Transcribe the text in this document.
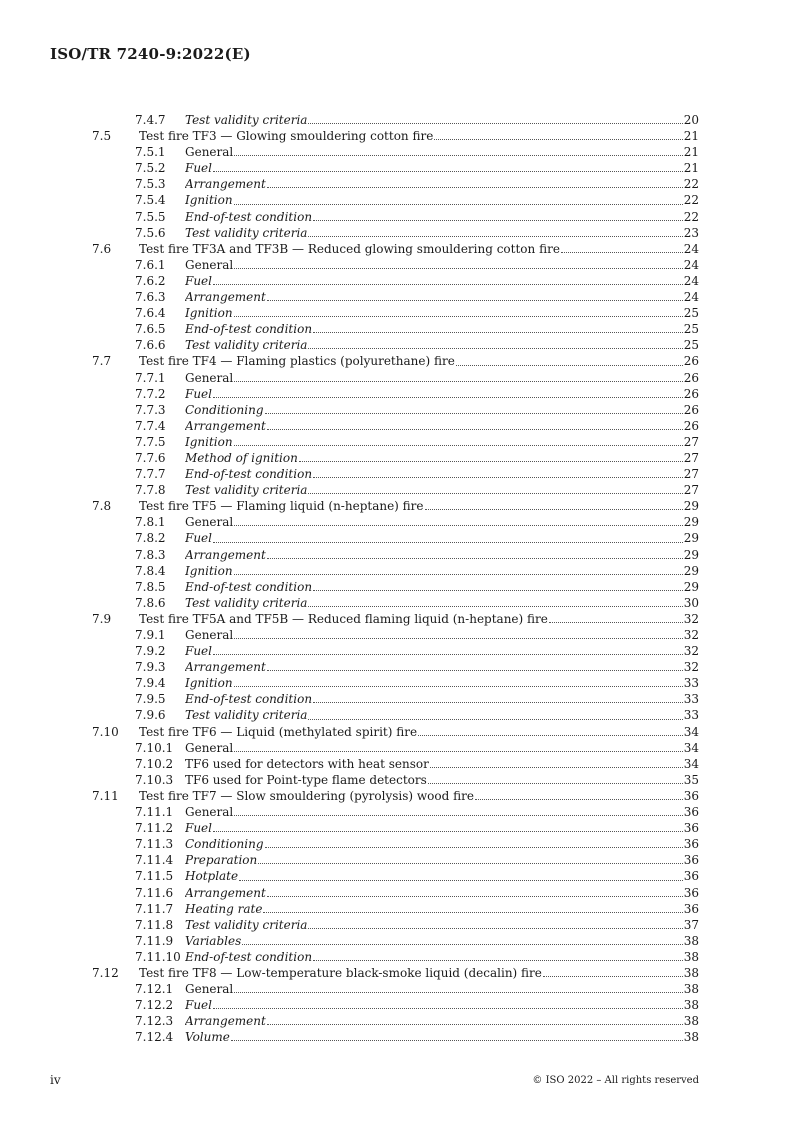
ISO/TR 7240-9:2022(E)
7.4.7	Test validity criteria	20
7.5	Test fire TF3 — Glowing smouldering cotton fire	21
7.5.1	General	21
7.5.2	Fuel	21
7.5.3	Arrangement	22
7.5.4	Ignition	22
7.5.5	End-of-test condition	22
7.5.6	Test validity criteria	23
7.6	Test fire TF3A and TF3B — Reduced glowing smouldering cotton fire	24
7.6.1	General	24
7.6.2	Fuel	24
7.6.3	Arrangement	24
7.6.4	Ignition	25
7.6.5	End-of-test condition	25
7.6.6	Test validity criteria	25
7.7	Test fire TF4 — Flaming plastics (polyurethane) fire	26
7.7.1	General	26
7.7.2	Fuel	26
7.7.3	Conditioning	26
7.7.4	Arrangement	26
7.7.5	Ignition	27
7.7.6	Method of ignition	27
7.7.7	End-of-test condition	27
7.7.8	Test validity criteria	27
7.8	Test fire TF5 — Flaming liquid (n-heptane) fire	29
7.8.1	General	29
7.8.2	Fuel	29
7.8.3	Arrangement	29
7.8.4	Ignition	29
7.8.5	End-of-test condition	29
7.8.6	Test validity criteria	30
7.9	Test fire TF5A and TF5B — Reduced flaming liquid (n-heptane) fire	32
7.9.1	General	32
7.9.2	Fuel	32
7.9.3	Arrangement	32
7.9.4	Ignition	33
7.9.5	End-of-test condition	33
7.9.6	Test validity criteria	33
7.10	Test fire TF6 — Liquid (methylated spirit) fire	34
7.10.1 General	34
7.10.2 TF6 used for detectors with heat sensor	34
7.10.3 TF6 used for Point-type flame detectors	35
7.11	Test fire TF7 — Slow smouldering (pyrolysis) wood fire	36
7.11.1 General	36
7.11.2 Fuel	36
7.11.3 Conditioning	36
7.11.4 Preparation	36
7.11.5 Hotplate	36
7.11.6 Arrangement	36
7.11.7 Heating rate	36
7.11.8 Test validity criteria	37
7.11.9 Variables	38
7.11.10 End-of-test condition	38
7.12	Test fire TF8 — Low-temperature black-smoke liquid (decalin) fire	38
7.12.1 General	38
7.12.2 Fuel	38
7.12.3 Arrangement	38
7.12.4 Volume	38
iv	© ISO 2022 – All rights reserved
